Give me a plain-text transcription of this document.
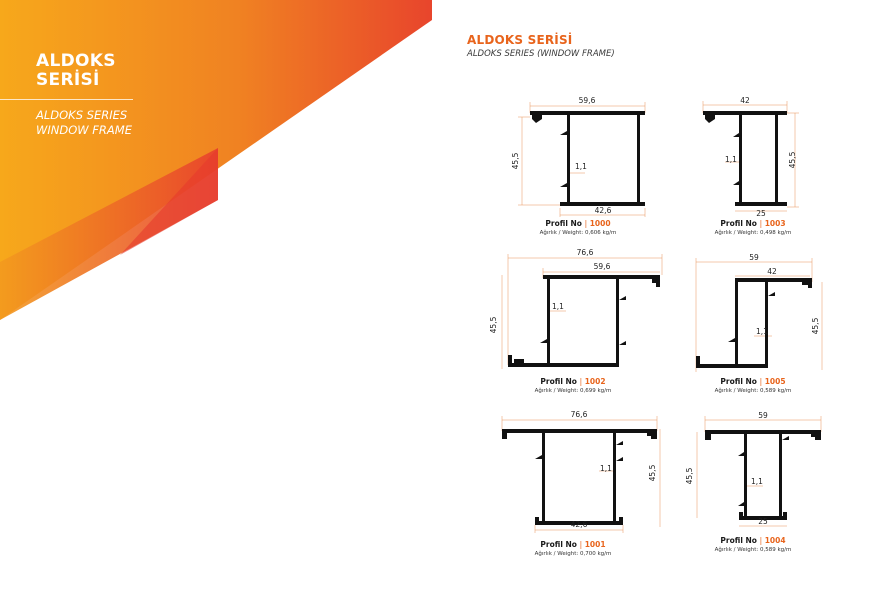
ALDOKS
SERİSİ
ALDOKS SERIES
WINDOW FRAME
ALDOKS SERİSİ
ALDOKS SERIES (WINDOW FRAME)
59,6
45,5	1,1
42,6
Profil No | 1000
Ağırlık / Weight: 0,606 kg/m
42
45,5
1,1
25
Profil No | 1003
Ağırlık / Weight: 0,498 kg/m
76,6
59,6
45,5
1,1
Profil No | 1002
Ağırlık / Weight: 0,699 kg/m
59
42
45,5
1,1
Profil No | 1005
Ağırlık / Weight: 0,589 kg/m
76,6
45,5
1,1
42,6
Profil No | 1001
Ağırlık / Weight: 0,700 kg/m
59
45,5	1,1
25
Profil No | 1004
Ağırlık / Weight: 0,589 kg/m
